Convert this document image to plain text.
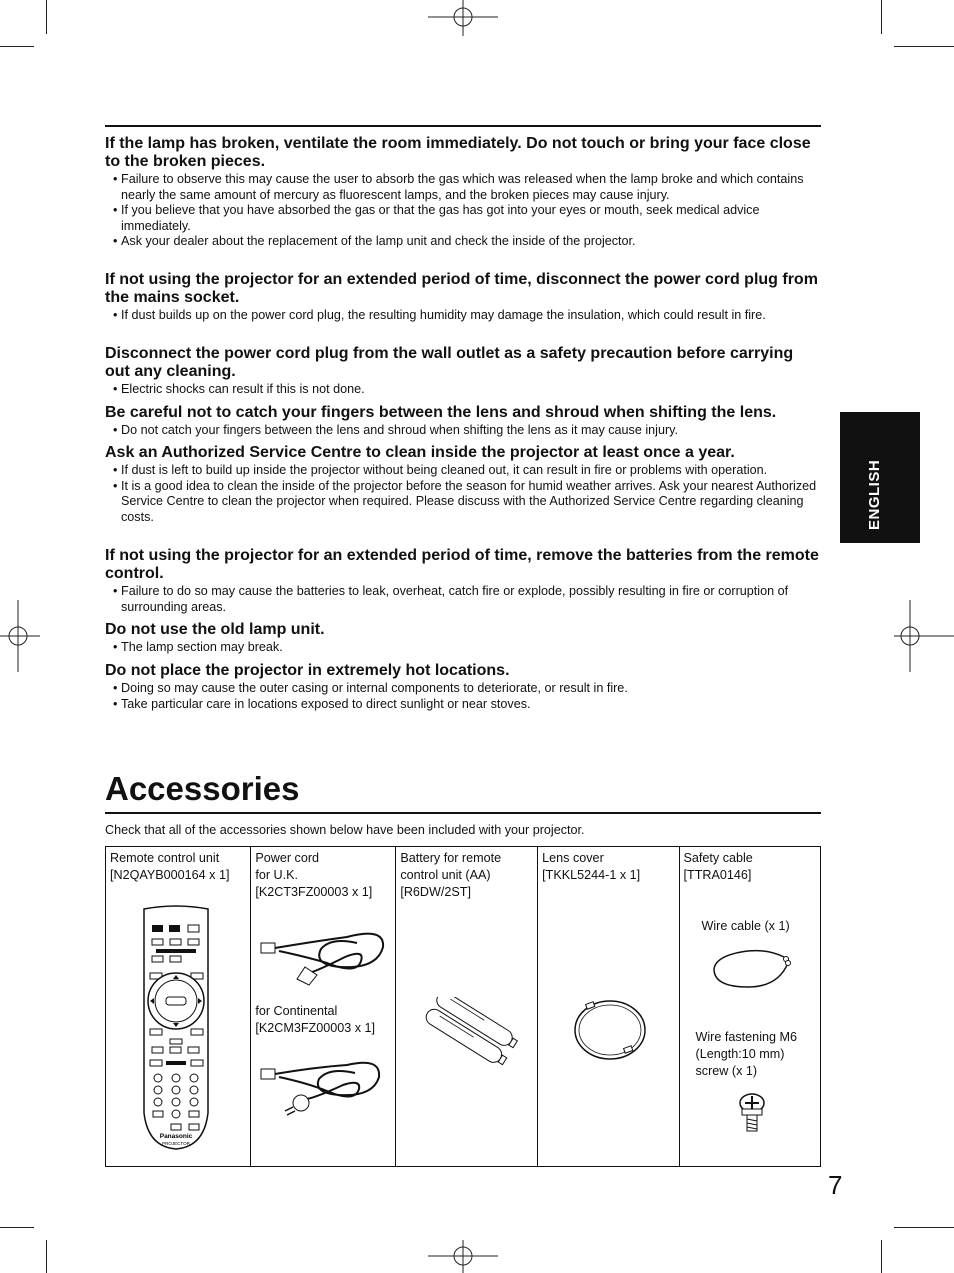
If the lamp has broken, ventilate the room immediately. Do not touch or bring your face close to the broken pieces.
• Failure to observe this may cause the user to absorb the gas which was released when the lamp broke and which contains nearly the same amount of mercury as fluorescent lamps, and the broken pieces may cause injury.
• If you believe that you have absorbed the gas or that the gas has got into your eyes or mouth, seek medical advice immediately.
• Ask your dealer about the replacement of the lamp unit and check the inside of the projector.
If not using the projector for an extended period of time, disconnect the power cord plug from the mains socket.
• If dust builds up on the power cord plug, the resulting humidity may damage the insulation, which could result in fire.
Disconnect the power cord plug from the wall outlet as a safety precaution before carrying out any cleaning.
• Electric shocks can result if this is not done.
Be careful not to catch your fingers between the lens and shroud when shifting the lens.
• Do not catch your fingers between the lens and shroud when shifting the lens as it may cause injury.
Ask an Authorized Service Centre to clean inside the projector at least once a year.
• If dust is left to build up inside the projector without being cleaned out, it can result in fire or problems with operation.
• It is a good idea to clean the inside of the projector before the season for humid weather arrives. Ask your nearest Authorized Service Centre to clean the projector when required. Please discuss with the Authorized Service Centre regarding cleaning costs.
If not using the projector for an extended period of time, remove the batteries from the remote control.
• Failure to do so may cause the batteries to leak, overheat, catch fire or explode, possibly resulting in fire or corruption of surrounding areas.
Do not use the old lamp unit.
• The lamp section may break.
Do not place the projector in extremely hot locations.
• Doing so may cause the outer casing or internal components to deteriorate, or result in fire.
• Take particular care in locations exposed to direct sunlight or near stoves.
ENGLISH
Accessories
Check that all of the accessories shown below have been included with your projector.
Remote control unit
[N2QAYB000164 x 1]
Panasonic
PROJECTOR

Power cord
for U.K.
[K2CT3FZ00003 x 1]
for Continental
[K2CM3FZ00003 x 1]

Battery for remote
control unit (AA)
[R6DW/2ST]

Lens cover
[TKKL5244-1 x 1]

Safety cable
[TTRA0146]
Wire cable (x 1)
Wire fastening M6
(Length:10 mm)
screw (x 1)
7
